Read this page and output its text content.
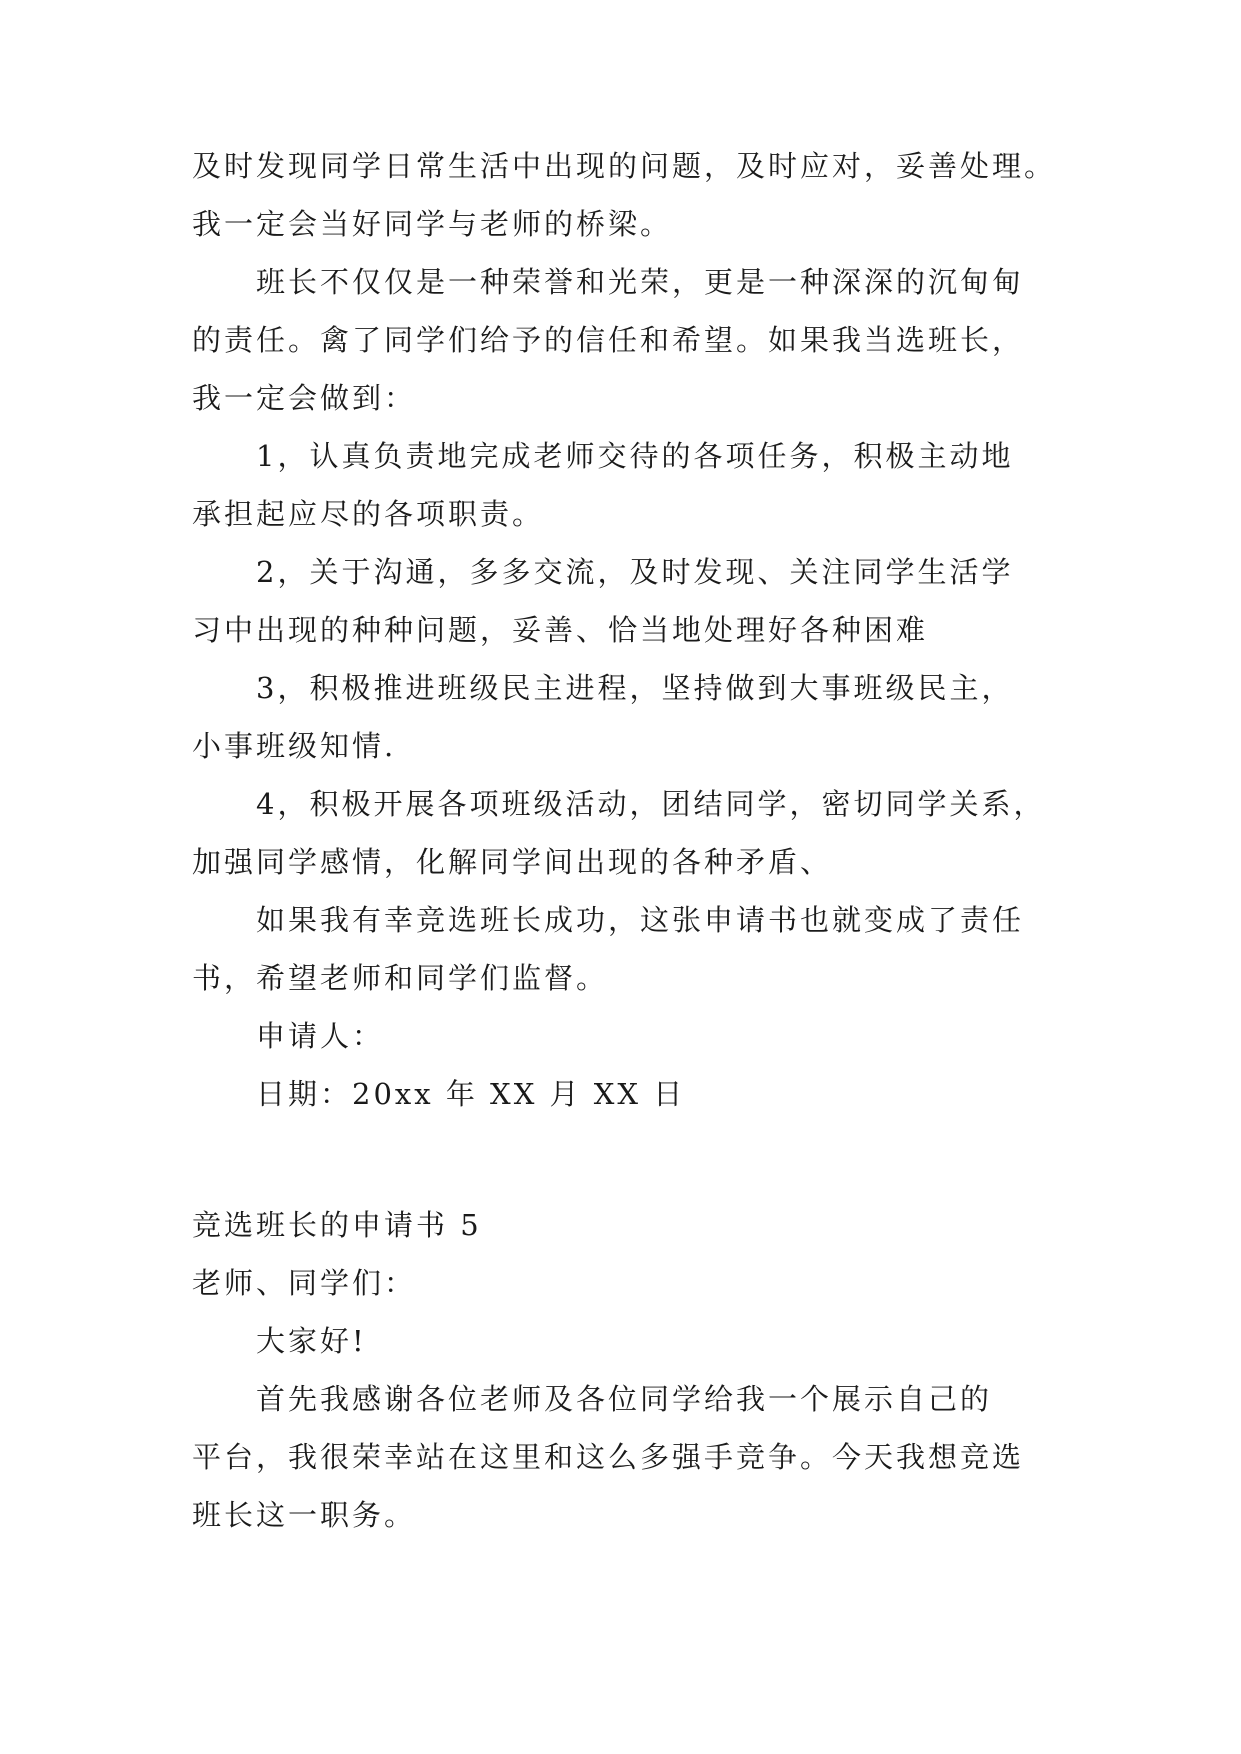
及时发现同学日常生活中出现的问题，及时应对，妥善处理。
我一定会当好同学与老师的桥梁。
班长不仅仅是一种荣誉和光荣，更是一种深深的沉甸甸
的责任。禽了同学们给予的信任和希望。如果我当选班长，
我一定会做到：
1，认真负责地完成老师交待的各项任务，积极主动地
承担起应尽的各项职责。
2，关于沟通，多多交流，及时发现、关注同学生活学
习中出现的种种问题，妥善、恰当地处理好各种困难
3，积极推进班级民主进程，坚持做到大事班级民主，
小事班级知情.
4，积极开展各项班级活动，团结同学，密切同学关系，
加强同学感情，化解同学间出现的各种矛盾、
如果我有幸竞选班长成功，这张申请书也就变成了责任
书，希望老师和同学们监督。
申请人：
日期：20xx 年 XX 月 XX 日
竞选班长的申请书 5
老师、同学们：
大家好!
首先我感谢各位老师及各位同学给我一个展示自己的
平台，我很荣幸站在这里和这么多强手竞争。今天我想竞选
班长这一职务。
